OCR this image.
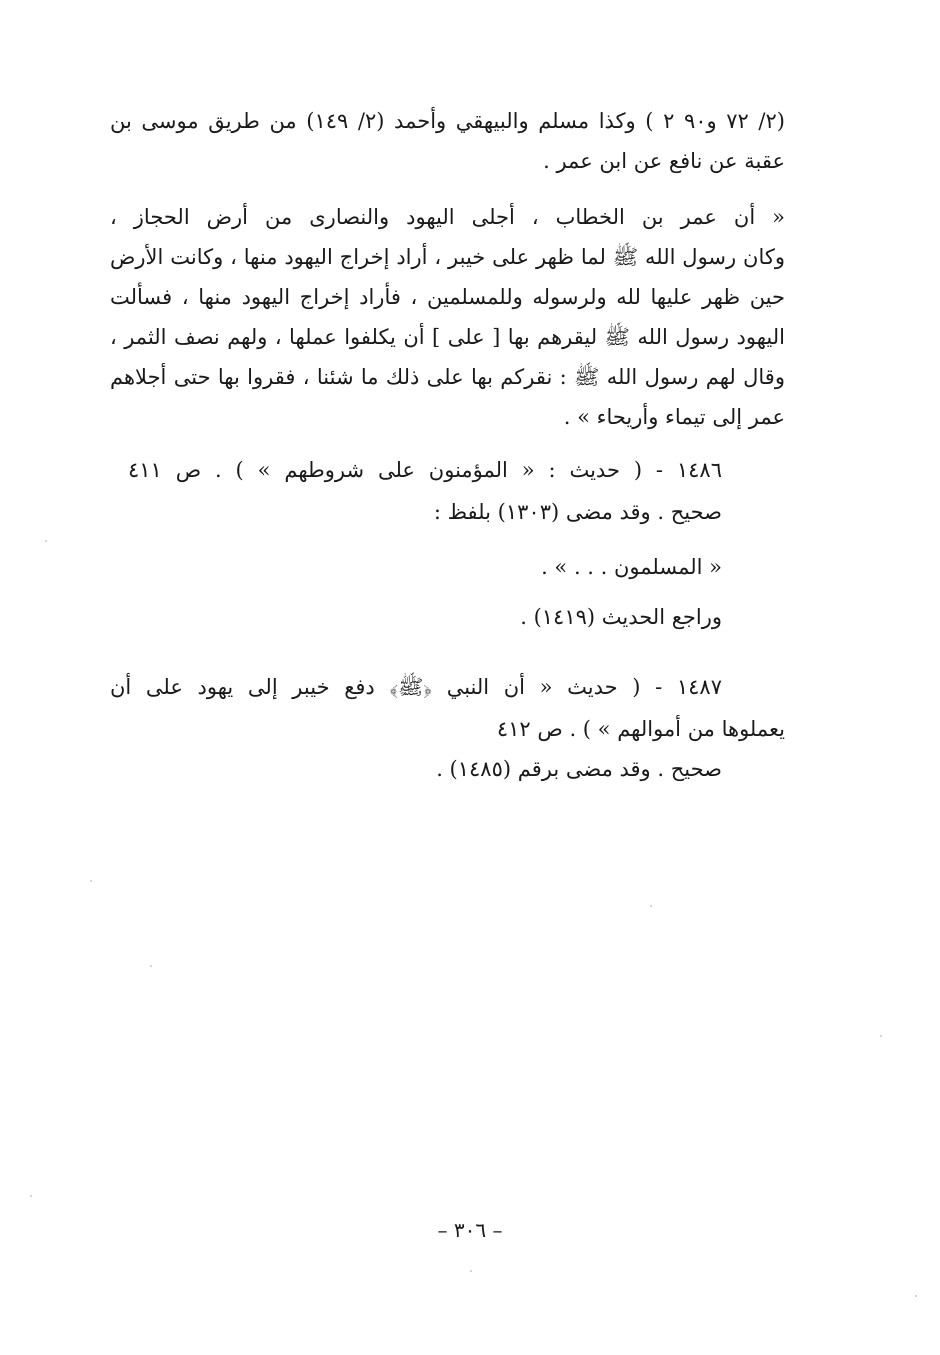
(٢/ ٧٢ و٩٠ ٢ ) وكذا مسلم والبيهقي وأحمد (٢/ ١٤٩) من طريق موسى بن
عقبة عن نافع عن ابن عمر .
« أن عمر بن الخطاب ، أجلى اليهود والنصارى من أرض الحجاز ،
وكان رسول الله ﷺ لما ظهر على خيبر ، أراد إخراج اليهود منها ، وكانت الأرض
حين ظهر عليها لله ولرسوله وللمسلمين ، فأراد إخراج اليهود منها ، فسألت
اليهود رسول الله ﷺ ليقرهم بها [ على ] أن يكلفوا عملها ، ولهم نصف الثمر ،
وقال لهم رسول الله ﷺ : نقركم بها على ذلك ما شئنا ، فقروا بها حتى أجلاهم
عمر إلى تيماء وأريحاء » .
١٤٨٦ - ( حديث : « المؤمنون على شروطهم » ) . ص ٤١١
صحيح . وقد مضى (١٣٠٣) بلفظ :
« المسلمون . . . » .
وراجع الحديث (١٤١٩) .
١٤٨٧ - ( حديث « أن النبي ﴿ﷺ﴾ دفع خيبر إلى يهود على أن
يعملوها من أموالهم » ) . ص ٤١٢
صحيح . وقد مضى برقم (١٤٨٥) .
– ٣٠٦ –
